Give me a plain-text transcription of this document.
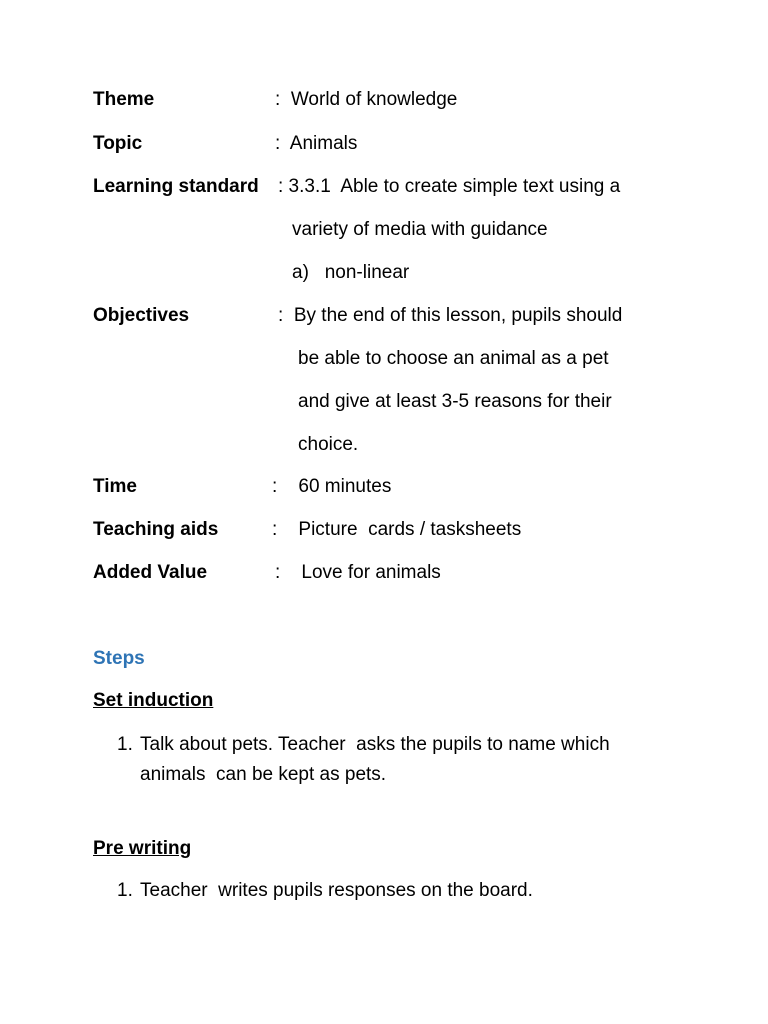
Theme	:  World of knowledge
Topic	:  Animals
Learning standard : 3.3.1  Able to create simple text using a
variety of media with guidance
a)   non-linear
Objectives	:  By the end of this lesson, pupils should
be able to choose an animal as a pet
and give at least 3-5 reasons for their
choice.
Time	:    60 minutes
Teaching aids	:    Picture  cards / tasksheets
Added Value	:    Love for animals
Steps
Set induction
1. Talk about pets. Teacher  asks the pupils to name which
animals  can be kept as pets.
Pre writing
1. Teacher  writes pupils responses on the board.
